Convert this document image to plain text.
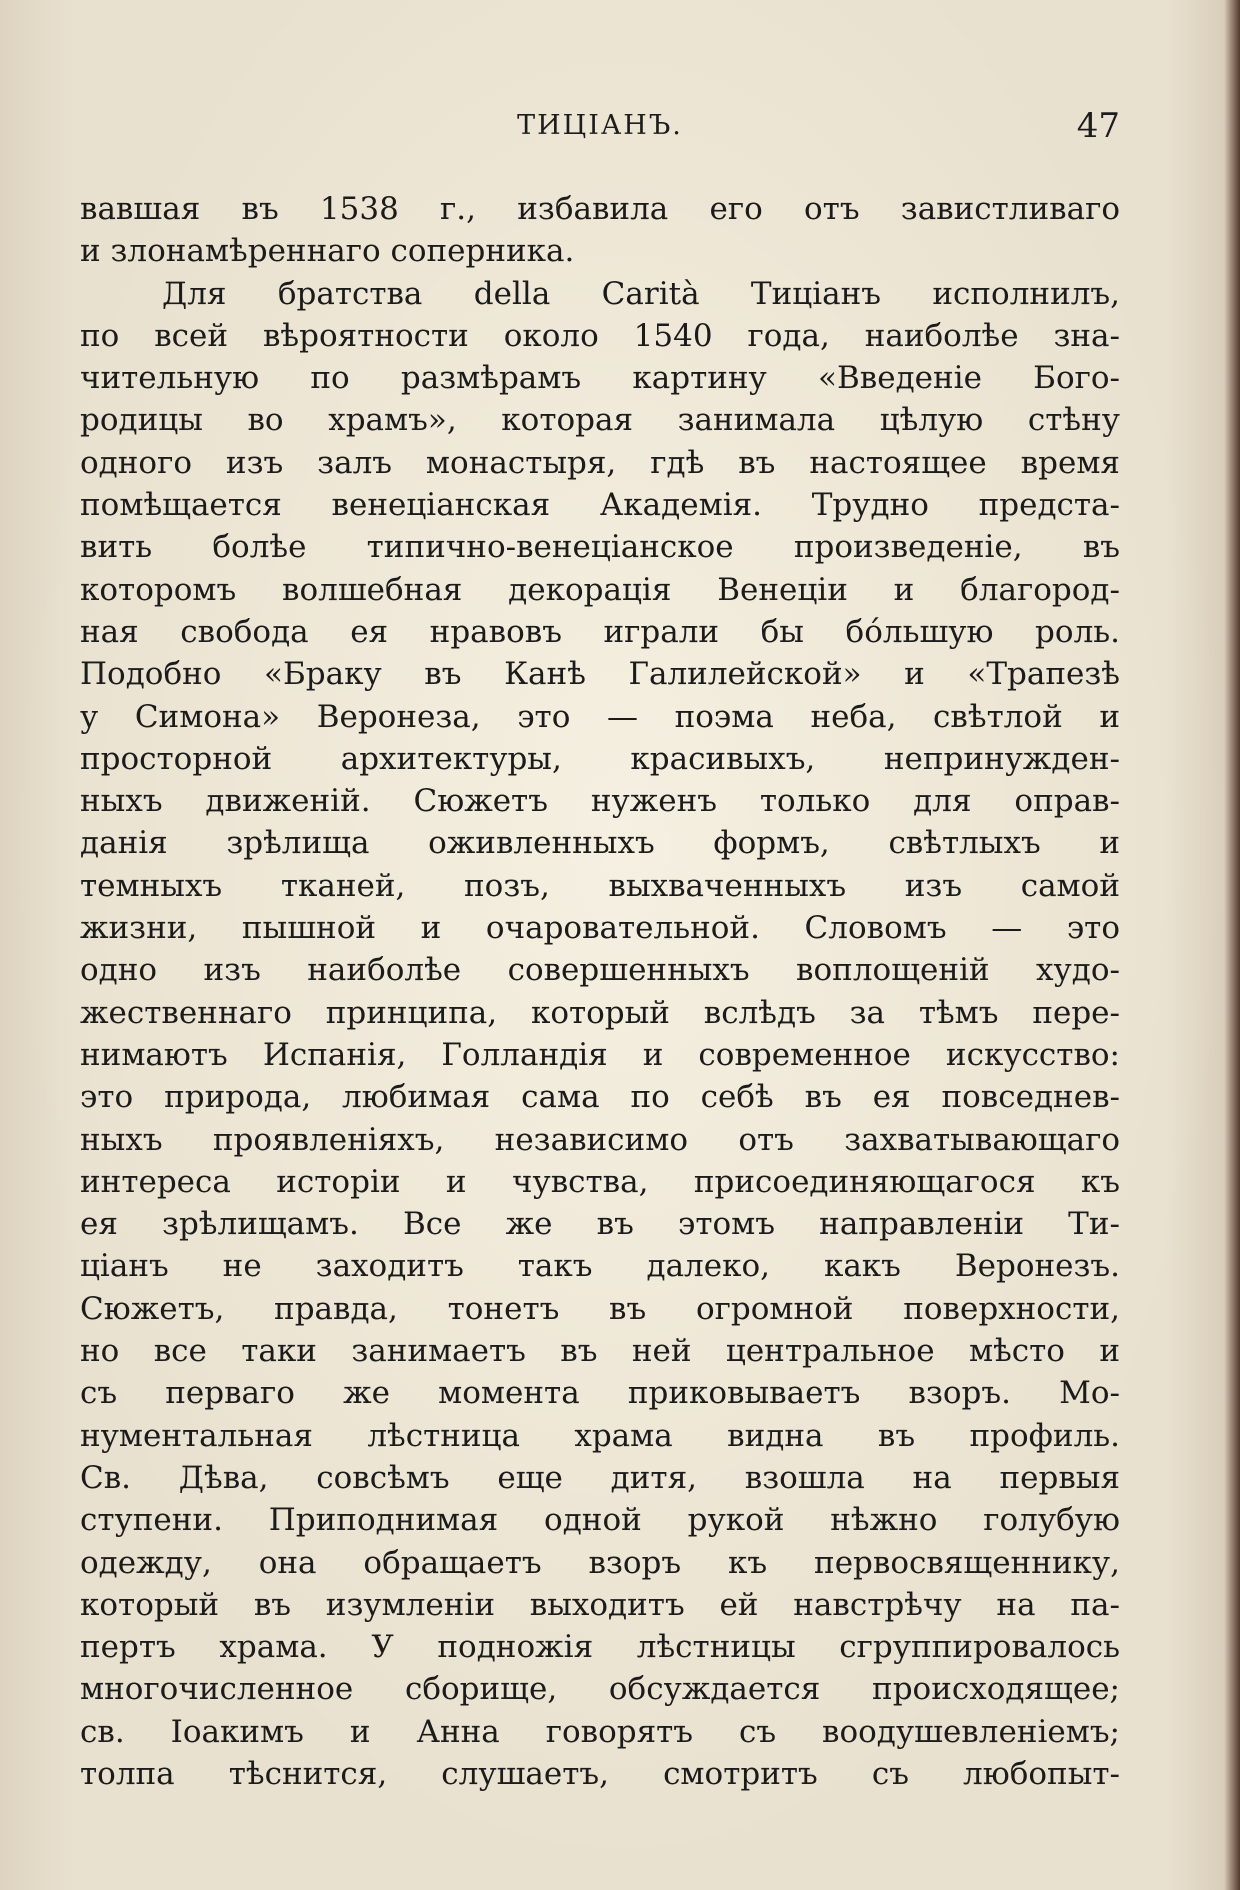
ТИЦІАНЪ.	47
вавшая въ 1538 г., избавила его отъ завистливаго
и злонамѣреннаго соперника.
Для братства della Carità Тиціанъ исполнилъ,
по всей вѣроятности около 1540 года, наиболѣе зна-
чительную по размѣрамъ картину «Введеніе Бого-
родицы во храмъ», которая занимала цѣлую стѣну
одного изъ залъ монастыря, гдѣ въ настоящее время
помѣщается венеціанская Академія. Трудно предста-
вить болѣе типично-венеціанское произведеніе, въ
которомъ волшебная декорація Венеціи и благород-
ная свобода ея нравовъ играли бы бо́льшую роль.
Подобно «Браку въ Канѣ Галилейской» и «Трапезѣ
у Симона» Веронеза, это — поэма неба, свѣтлой и
просторной архитектуры, красивыхъ, непринужден-
ныхъ движеній. Сюжетъ нуженъ только для оправ-
данія зрѣлища оживленныхъ формъ, свѣтлыхъ и
темныхъ тканей, позъ, выхваченныхъ изъ самой
жизни, пышной и очаровательной. Словомъ — это
одно изъ наиболѣе совершенныхъ воплощеній худо-
жественнаго принципа, который вслѣдъ за тѣмъ пере-
нимаютъ Испанія, Голландія и современное искусство:
это природа, любимая сама по себѣ въ ея повседнев-
ныхъ проявленіяхъ, независимо отъ захватывающаго
интереса исторіи и чувства, присоединяющагося къ
ея зрѣлищамъ. Все же въ этомъ направленіи Ти-
ціанъ не заходитъ такъ далеко, какъ Веронезъ.
Сюжетъ, правда, тонетъ въ огромной поверхности,
но все таки занимаетъ въ ней центральное мѣсто и
съ перваго же момента приковываетъ взоръ. Мо-
нументальная лѣстница храма видна въ профиль.
Св. Дѣва, совсѣмъ еще дитя, взошла на первыя
ступени. Приподнимая одной рукой нѣжно голубую
одежду, она обращаетъ взоръ къ первосвященнику,
который въ изумленіи выходитъ ей навстрѣчу на па-
пертъ храма. У подножія лѣстницы сгруппировалось
многочисленное сборище, обсуждается происходящее;
св. Іоакимъ и Анна говорятъ съ воодушевленіемъ;
толпа тѣснится, слушаетъ, смотритъ съ любопыт-
